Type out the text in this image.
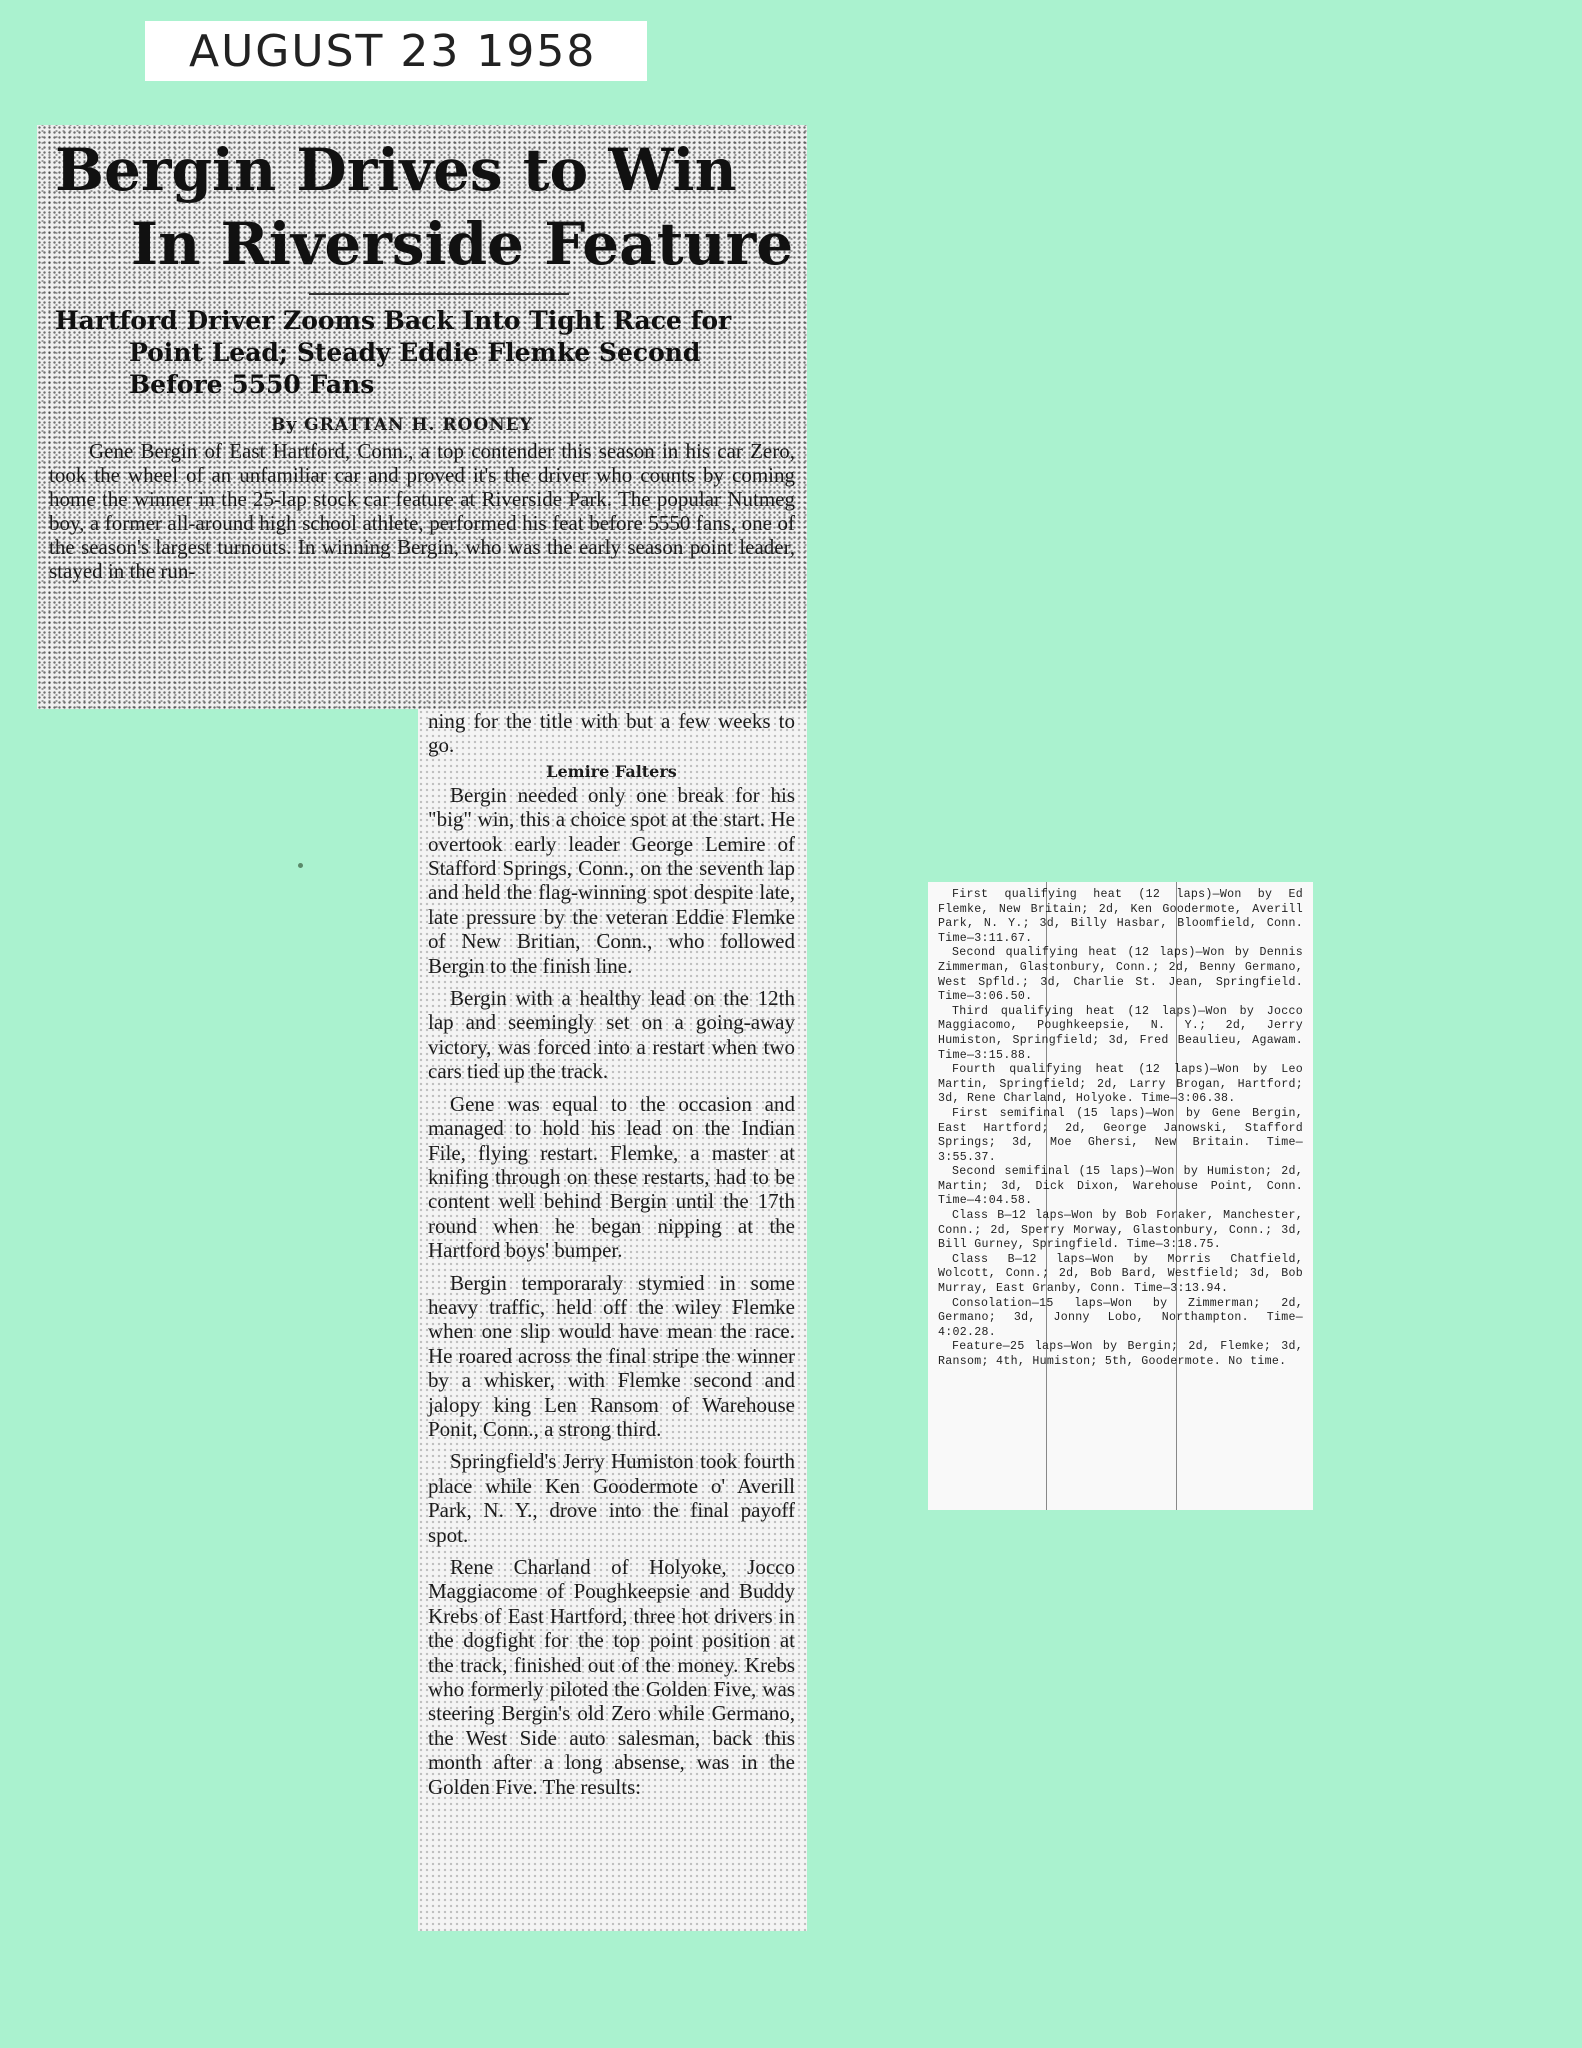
AUGUST 23 1958
Bergin Drives to Win
In Riverside Feature
Hartford Driver Zooms Back Into Tight Race for
Point Lead; Steady Eddie Flemke Second Before 5550 Fans
By GRATTAN H. ROONEY

Gene Bergin of East Hartford, Conn., a top contender this season in his car Zero, took the wheel of an unfamiliar car and proved it's the driver who counts by coming home the winner in the 25-lap stock car feature at Riverside Park. The popular Nutmeg boy, a former all-around high school athlete, performed his feat before 5550 fans, one of the season's largest turnouts. In winning Bergin, who was the early season point leader, stayed in the run-

ning for the title with but a few weeks to go.

Lemire Falters

Bergin needed only one break for his "big" win, this a choice spot at the start. He overtook early leader George Lemire of Stafford Springs, Conn., on the seventh lap and held the flag-winning spot despite late, late pressure by the veteran Eddie Flemke of New Britian, Conn., who followed Bergin to the finish line.

Bergin with a healthy lead on the 12th lap and seemingly set on a going-away victory, was forced into a restart when two cars tied up the track.

Gene was equal to the occasion and managed to hold his lead on the Indian File, flying restart. Flemke, a master at knifing through on these restarts, had to be content well behind Bergin until the 17th round when he began nipping at the Hartford boys' bumper.

Bergin temporaraly stymied in some heavy traffic, held off the wiley Flemke when one slip would have mean the race. He roared across the final stripe the winner by a whisker, with Flemke second and jalopy king Len Ransom of Warehouse Ponit, Conn., a strong third.

Springfield's Jerry Humiston took fourth place while Ken Goodermote o' Averill Park, N. Y., drove into the final payoff spot.

Rene Charland of Holyoke, Jocco Maggiacome of Poughkeepsie and Buddy Krebs of East Hartford, three hot drivers in the dogfight for the top point position at the track, finished out of the money. Krebs who formerly piloted the Golden Five, was steering Bergin's old Zero while Germano, the West Side auto salesman, back this month after a long absense, was in the Golden Five. The results:

First qualifying heat (12 laps)—Won by Ed Flemke, New Britain; 2d, Ken Goodermote, Averill Park, N. Y.; 3d, Billy Hasbar, Bloomfield, Conn. Time—3:11.67.

Second qualifying heat (12 laps)—Won by Dennis Zimmerman, Glastonbury, Conn.; 2d, Benny Germano, West Spfld.; 3d, Charlie St. Jean, Springfield. Time—3:06.50.

Third qualifying heat (12 laps)—Won by Jocco Maggiacomo, Poughkeepsie, N. Y.; 2d, Jerry Humiston, Springfield; 3d, Fred Beaulieu, Agawam. Time—3:15.88.

Fourth qualifying heat (12 laps)—Won by Leo Martin, Springfield; 2d, Larry Brogan, Hartford; 3d, Rene Charland, Holyoke. Time—3:06.38.

First semifinal (15 laps)—Won by Gene Bergin, East Hartford; 2d, George Janowski, Stafford Springs; 3d, Moe Ghersi, New Britain. Time—3:55.37.

Second semifinal (15 laps)—Won by Humiston; 2d, Martin; 3d, Dick Dixon, Warehouse Point, Conn. Time—4:04.58.

Class B—12 laps—Won by Bob Foraker, Manchester, Conn.; 2d, Sperry Morway, Glastonbury, Conn.; 3d, Bill Gurney, Springfield. Time—3:18.75.

Class B—12 laps—Won by Morris Chatfield, Wolcott, Conn.; 2d, Bob Bard, Westfield; 3d, Bob Murray, East Granby, Conn. Time—3:13.94.

Consolation—15 laps—Won by Zimmerman; 2d, Germano; 3d, Jonny Lobo, Northampton. Time—4:02.28.

Feature—25 laps—Won by Bergin; 2d, Flemke; 3d, Ransom; 4th, Humiston; 5th, Goodermote. No time.
